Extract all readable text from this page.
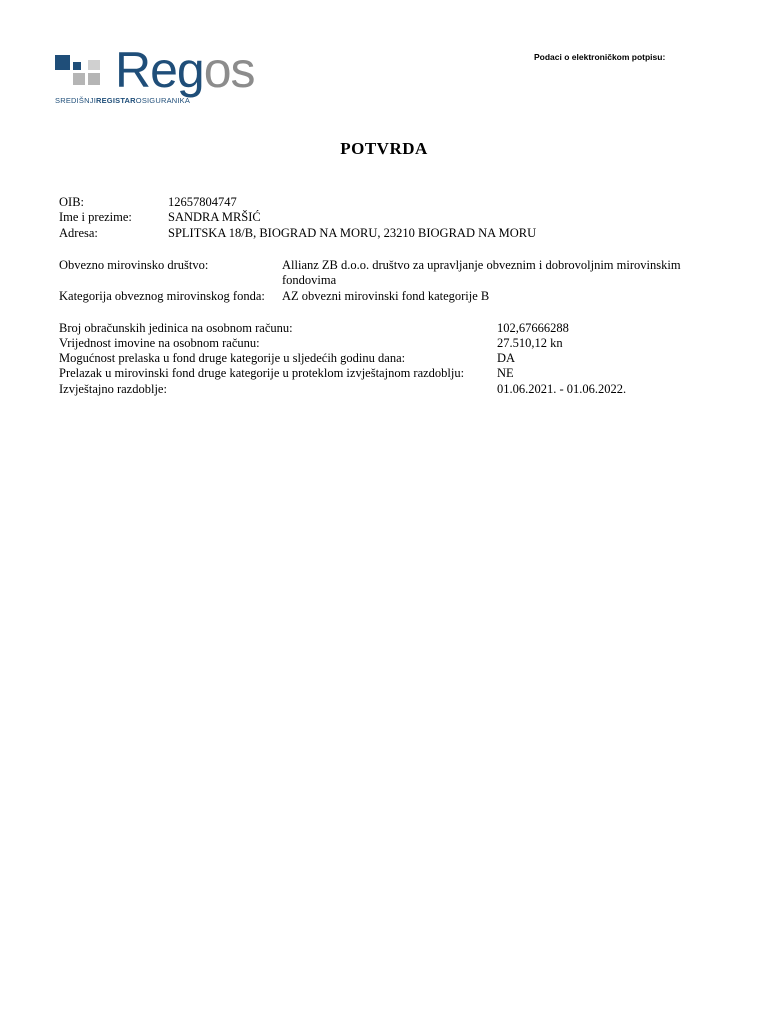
Regos
SREDIŠNJIREGISTAROSIGURANIKA
Podaci o elektroničkom potpisu:
POTVRDA
OIB:	12657804747
Ime i prezime:	SANDRA MRŠIĆ
Adresa:	SPLITSKA 18/B, BIOGRAD NA MORU, 23210 BIOGRAD NA MORU
Obvezno mirovinsko društvo:	Allianz ZB d.o.o. društvo za upravljanje obveznim i dobrovoljnim mirovinskim fondovima
Kategorija obveznog mirovinskog fonda: AZ obvezni mirovinski fond kategorije B
Broj obračunskih jedinica na osobnom računu:	102,67666288
Vrijednost imovine na osobnom računu:	27.510,12 kn
Mogućnost prelaska u fond druge kategorije u sljedećih godinu dana:	DA
Prelazak u mirovinski fond druge kategorije u proteklom izvještajnom razdoblju:	NE
Izvještajno razdoblje:	01.06.2021. - 01.06.2022.
